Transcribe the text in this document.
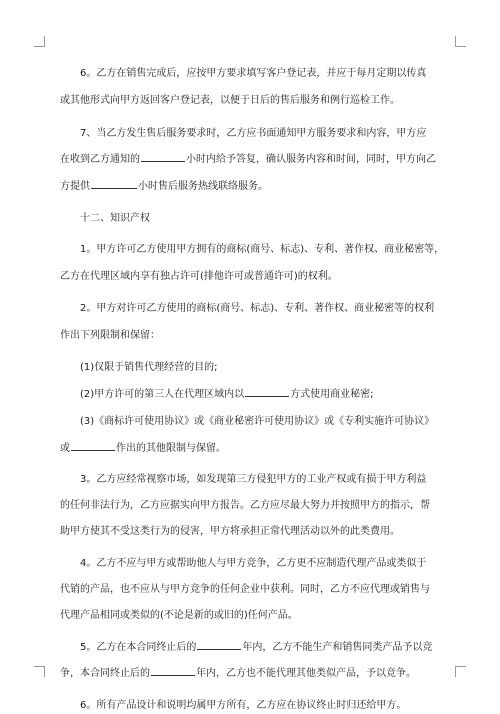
6。乙方在销售完成后，应按甲方要求填写客户登记表，并应于每月定期以传真
或其他形式向甲方返回客户登记表，以便于日后的售后服务和例行巡检工作。
7、当乙方发生售后服务要求时，乙方应书面通知甲方服务要求和内容，甲方应
在收到乙方通知的	小时内给予答复，确认服务内容和时间，同时，甲方向乙
方提供	小时售后服务热线联络服务。
十二、知识产权
1。甲方许可乙方使用甲方拥有的商标(商号、标志)、专利、著作权、商业秘密等，
乙方在代理区域内享有独占许可(排他许可或普通许可)的权利。
2。甲方对许可乙方使用的商标(商号、标志)、专利、著作权、商业秘密等的权利
作出下列限制和保留：
(1)仅限于销售代理经营的目的;
(2)甲方许可的第三人在代理区域内以	方式使用商业秘密;
(3)《商标许可使用协议》或《商业秘密许可使用协议》或《专利实施许可协议》
或	作出的其他限制与保留。
3。乙方应经常视察市场，如发现第三方侵犯甲方的工业产权或有损于甲方利益
的任何非法行为，乙方应据实向甲方报告。乙方应尽最大努力并按照甲方的指示，帮
助甲方使其不受这类行为的侵害，甲方将承担正常代理活动以外的此类费用。
4。乙方不应与甲方或帮助他人与甲方竞争，乙方更不应制造代理产品或类似于
代销的产品，也不应从与甲方竞争的任何企业中获利。同时，乙方不应代理或销售与
代理产品相同或类似的(不论是新的或旧的)任何产品。
5。乙方在本合同终止后的	年内，乙方不能生产和销售同类产品予以竞
争，本合同终止后的	年内，乙方也不能代理其他类似产品，予以竞争。
6。所有产品设计和说明均属甲方所有，乙方应在协议终止时归还给甲方。
